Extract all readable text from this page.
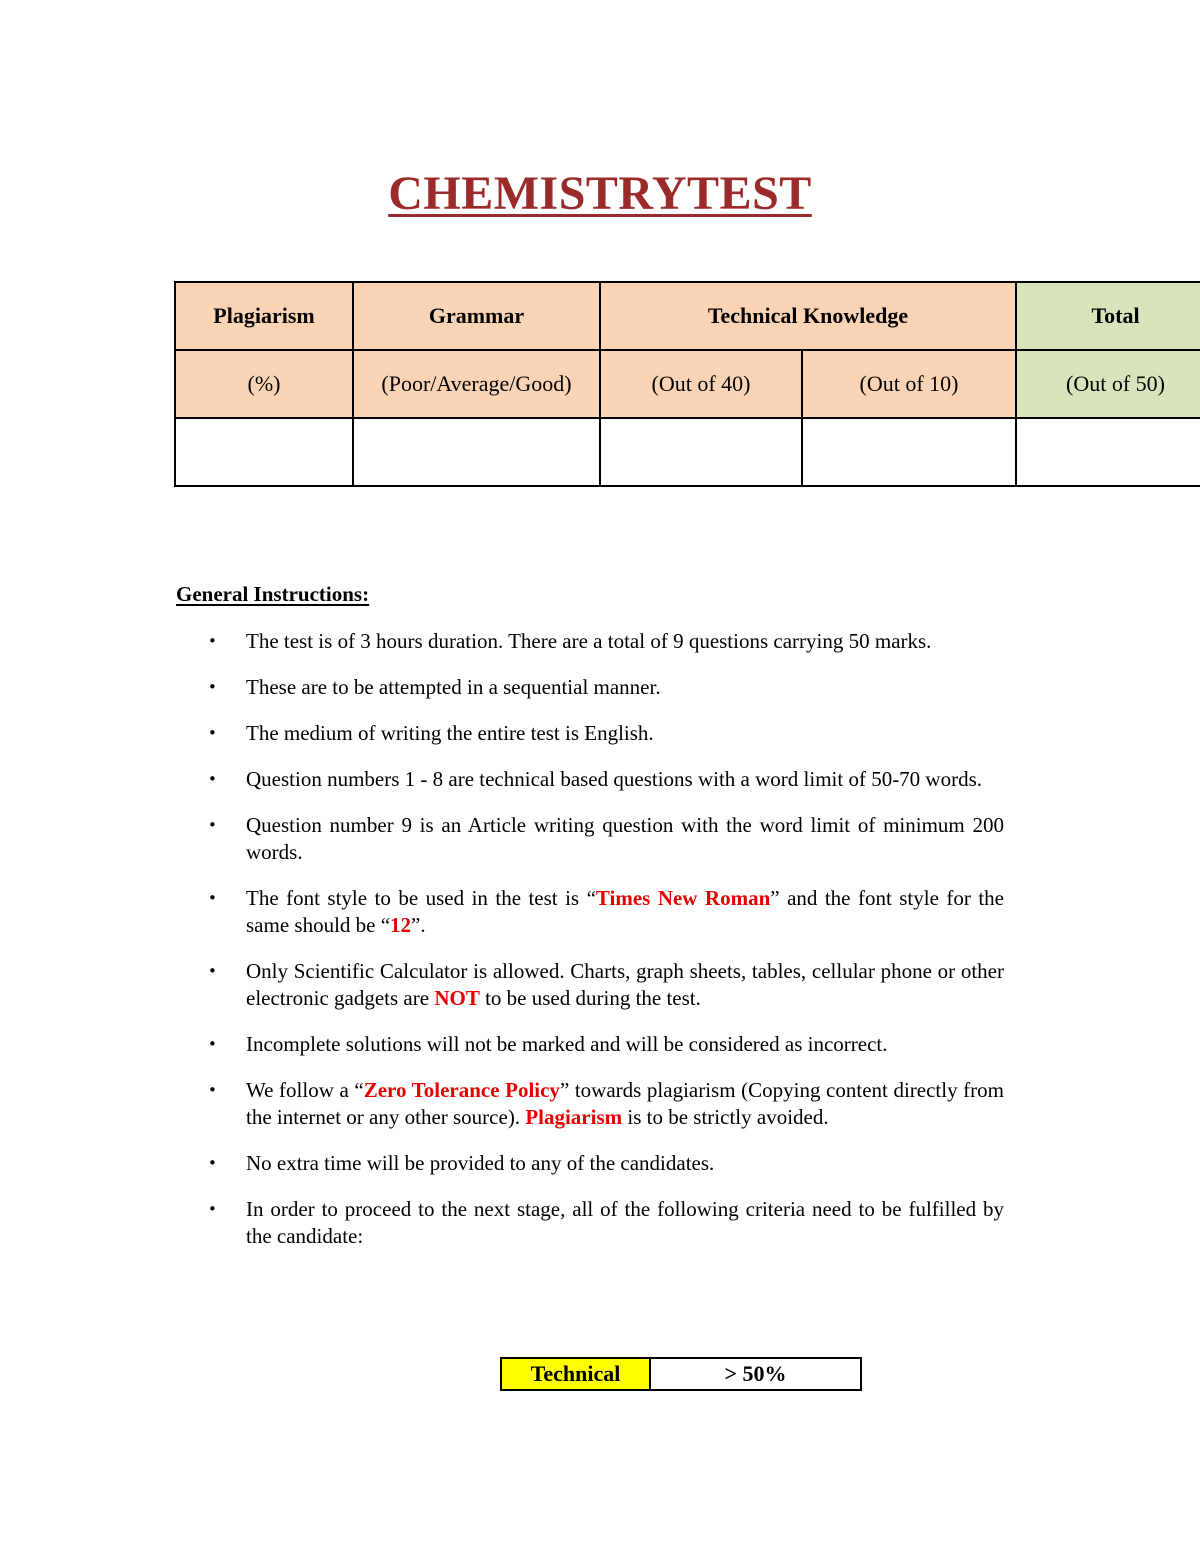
CHEMISTRYTEST
Plagiarism	Grammar	Technical Knowledge		Total
(%)	(Poor/Average/Good)	(Out of 40)	(Out of 10)	(Out of 50)

General Instructions:
• The test is of 3 hours duration. There are a total of 9 questions carrying 50 marks.
• These are to be attempted in a sequential manner.
• The medium of writing the entire test is English.
• Question numbers 1 - 8 are technical based questions with a word limit of 50-70 words.
• Question number 9 is an Article writing question with the word limit of minimum 200 words.
• The font style to be used in the test is “Times New Roman” and the font style for the same should be “12”.
• Only Scientific Calculator is allowed. Charts, graph sheets, tables, cellular phone or other electronic gadgets are NOT to be used during the test.
• Incomplete solutions will not be marked and will be considered as incorrect.
• We follow a “Zero Tolerance Policy” towards plagiarism (Copying content directly from the internet or any other source). Plagiarism is to be strictly avoided.
• No extra time will be provided to any of the candidates.
• In order to proceed to the next stage, all of the following criteria need to be fulfilled by the candidate:
Technical	> 50%
